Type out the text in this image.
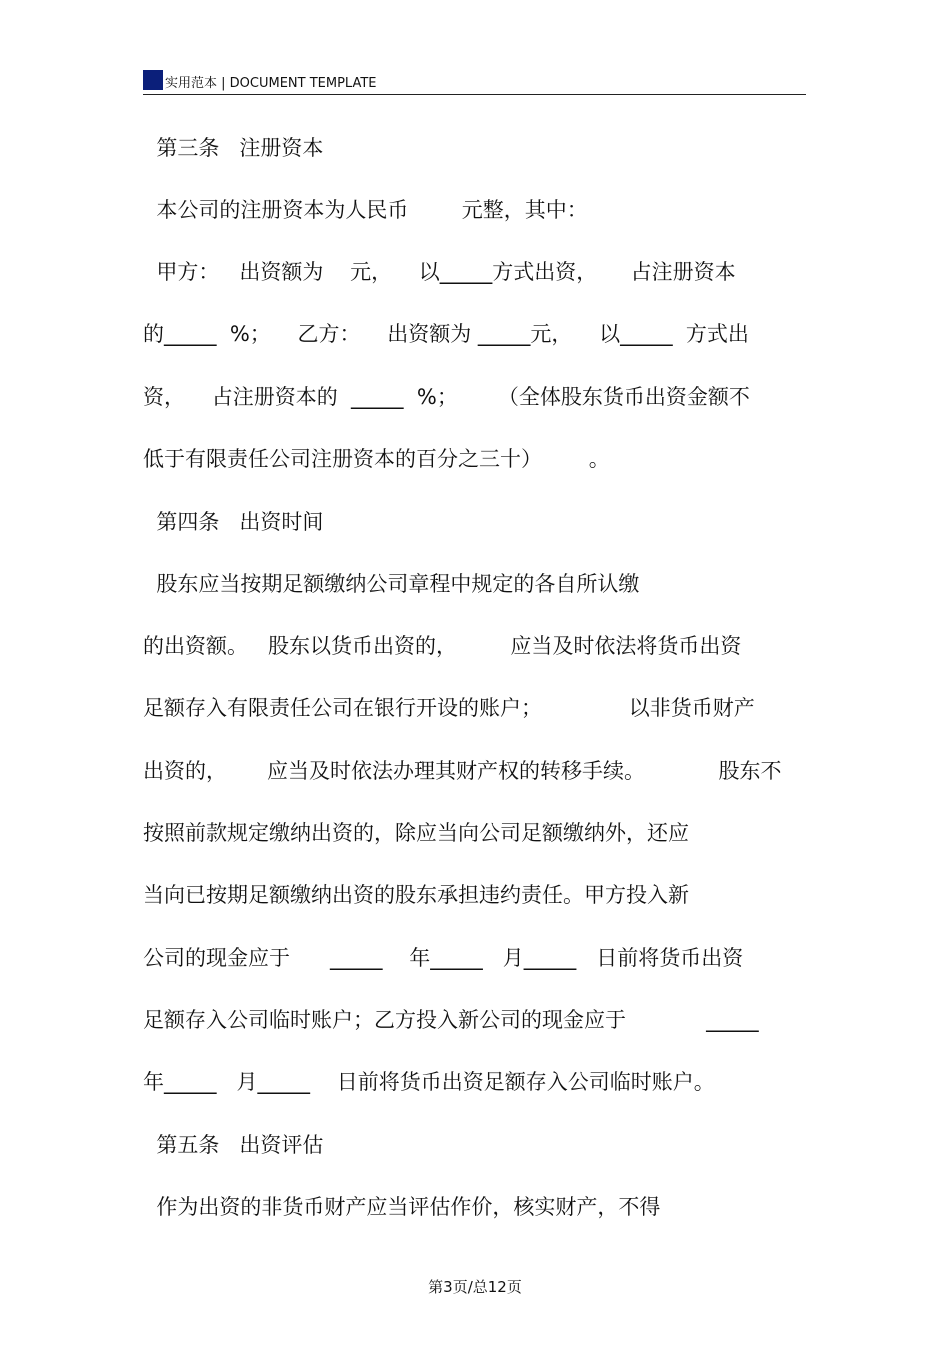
实用范本 | DOCUMENT TEMPLATE
第三条   注册资本
本公司的注册资本为人民币        元整，其中：
甲方：   出资额为    元，    以_____方式出资，     占注册资本
的_____  %；    乙方：    出资额为 _____元，    以_____  方式出
资，    占注册资本的  _____  %；      （全体股东货币出资金额不
低于有限责任公司注册资本的百分之三十）       。
第四条   出资时间
股东应当按期足额缴纳公司章程中规定的各自所认缴
的出资额。   股东以货币出资的，        应当及时依法将货币出资
足额存入有限责任公司在银行开设的账户；             以非货币财产
出资的，      应当及时依法办理其财产权的转移手续。           股东不
按照前款规定缴纳出资的，除应当向公司足额缴纳外，还应
当向已按期足额缴纳出资的股东承担违约责任。甲方投入新
公司的现金应于      _____    年_____   月_____   日前将货币出资
足额存入公司临时账户；乙方投入新公司的现金应于            _____
年_____   月_____    日前将货币出资足额存入公司临时账户。
第五条   出资评估
作为出资的非货币财产应当评估作价，核实财产，不得
第3页/总12页
